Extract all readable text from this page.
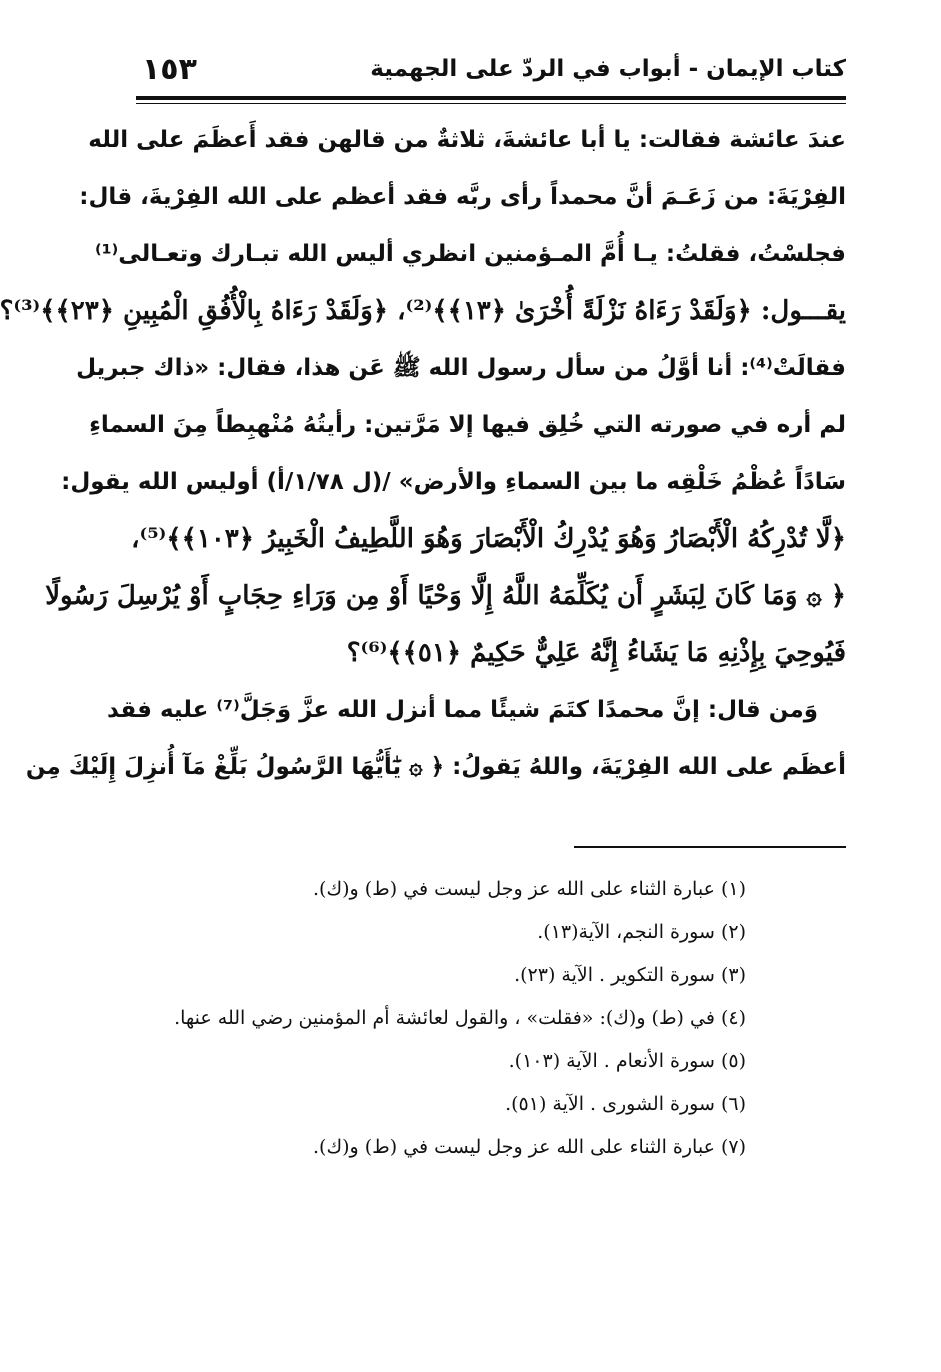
كتاب الإيمان - أبواب في الردّ على الجهمية
١٥٣
عندَ عائشة فقالت: يا أبا عائشةَ، ثلاثةٌ من قالهن فقد أَعظَمَ على الله
الفِرْيَةَ: من زَعَـمَ أنَّ محمداً رأى ربَّه فقد أعظم على الله الفِرْيةَ، قال:
فجلسْتُ، فقلتُ: يـا أُمَّ المـؤمنين انظري أليس الله تبـارك وتعـالى⁽¹⁾
يقـــول: ﴿وَلَقَدْ رَءَاهُ نَزْلَةً أُخْرَىٰ ﴿١٣﴾﴾⁽²⁾، ﴿وَلَقَدْ رَءَاهُ بِالْأُفُقِ الْمُبِينِ ﴿٢٣﴾﴾⁽³⁾؟
فقالَتْ⁽⁴⁾: أنا أوَّلُ من سأل رسول الله ﷺ عَن هذا، فقال: «ذاك جبريل
لم أره في صورته التي خُلِق فيها إلا مَرَّتين: رأيتُهُ مُنْهبِطاً مِنَ السماءِ
سَادًاً عُظْمُ خَلْقِه ما بين السماءِ والأرض» /(ل ١/٧٨/أ) أوليس الله يقول:
﴿لَّا تُدْرِكُهُ الْأَبْصَارُ وَهُوَ يُدْرِكُ الْأَبْصَارَ وَهُوَ اللَّطِيفُ الْخَبِيرُ ﴿١٠٣﴾﴾⁽⁵⁾،
﴿ ۞ وَمَا كَانَ لِبَشَرٍ أَن يُكَلِّمَهُ اللَّهُ إِلَّا وَحْيًا أَوْ مِن وَرَاءِ حِجَابٍ أَوْ يُرْسِلَ رَسُولًا
فَيُوحِيَ بِإِذْنِهِ مَا يَشَاءُ إِنَّهُ عَلِيٌّ حَكِيمٌ ﴿٥١﴾﴾⁽⁶⁾؟
وَمن قال: إنَّ محمدًا كتَمَ شيئًا مما أنزل الله عزَّ وَجَلَّ⁽⁷⁾ عليه فقد
أعظَم على الله الفِرْيَةَ، واللهُ يَقولُ: ﴿ ۞ يَٰٓأَيُّهَا الرَّسُولُ بَلِّغْ مَآ أُنزِلَ إِلَيْكَ مِن
(١) عبارة الثناء على الله عز وجل ليست في (ط) و(ك).
(٢) سورة النجم، الآية(١٣).
(٣) سورة التكوير . الآية (٢٣).
(٤) في (ط) و(ك): «فقلت» ، والقول لعائشة أم المؤمنين رضي الله عنها.
(٥) سورة الأنعام . الآية (١٠٣).
(٦) سورة الشورى . الآية (٥١).
(٧) عبارة الثناء على الله عز وجل ليست في (ط) و(ك).
